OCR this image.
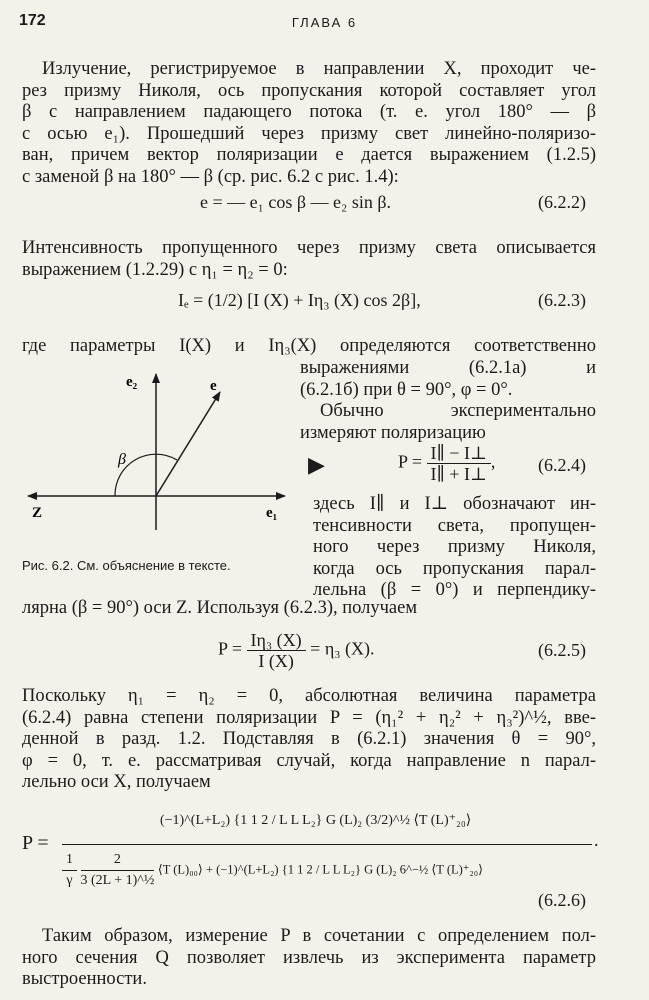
172	ГЛАВА 6
Излучение, регистрируемое в направлении X, проходит че-
рез призму Николя, ось пропускания которой составляет угол
β с направлением падающего потока (т. е. угол 180° — β
с осью e₁). Прошедший через призму свет линейно-поляризо-
ван, причем вектор поляризации e дается выражением (1.2.5)
с заменой β на 180° — β (ср. рис. 6.2 с рис. 1.4):
e = — e₁ cos β — e₂ sin β.	(6.2.2)
Интенсивность пропущенного через призму света описывается
выражением (1.2.29) с η₁ = η₂ = 0:
Iₑ = (1/2) [I (X) + Iη₃ (X) cos 2β],	(6.2.3)
где параметры I(X) и Iη₃(X) определяются соответственно
выражениями (6.2.1а) и
(6.2.1б) при θ = 90°, φ = 0°.
Обычно экспериментально
измеряют поляризацию
▶	$P = \frac{I\parallel - I\perp}{I\parallel + I\perp}$ , (6.2.4)
здесь I∥ и I⊥ обозначают ин-
тенсивности света, пропущен-
ного через призму Николя,
когда ось пропускания парал-
лельна (β = 0°) и перпендику-
лярна (β = 90°) оси Z. Используя (6.2.3), получаем
e₂	e
β
Z	e₁
Рис. 6.2. См. объяснение в тексте.
$P = \frac{\text{Iη₃ (X)}}{I (X)} = \eta_3$ (X).	(6.2.5)
Поскольку η₁ = η₂ = 0, абсолютная величина параметра
(6.2.4) равна степени поляризации P = (η₁² + η₂² + η₃²)^½, вве-
денной в разд. 1.2. Подставляя в (6.2.1) значения θ = 90°,
φ = 0, т. е. рассматривая случай, когда направление n парал-
лельно оси X, получаем
P =
(−1)^(L+L₂) {1 1 2 / L L L₂} G (L)₂ (3/2)^½ ⟨T (L)⁺₂₀⟩
.
$\frac{1}{\gamma}$
$\frac{2}{\text{3 (2L + 1)\textasciicircum{}½}}$ ⟨T (L)₀₀⟩ + (−1)^(L+L₂) {1 1 2 / L L L₂} G (L)₂ 6^−½ ⟨T (L)⁺₂₀⟩
(6.2.6)
Таким образом, измерение P в сочетании с определением пол-
ного сечения Q позволяет извлечь из эксперимента параметр
выстроенности.
